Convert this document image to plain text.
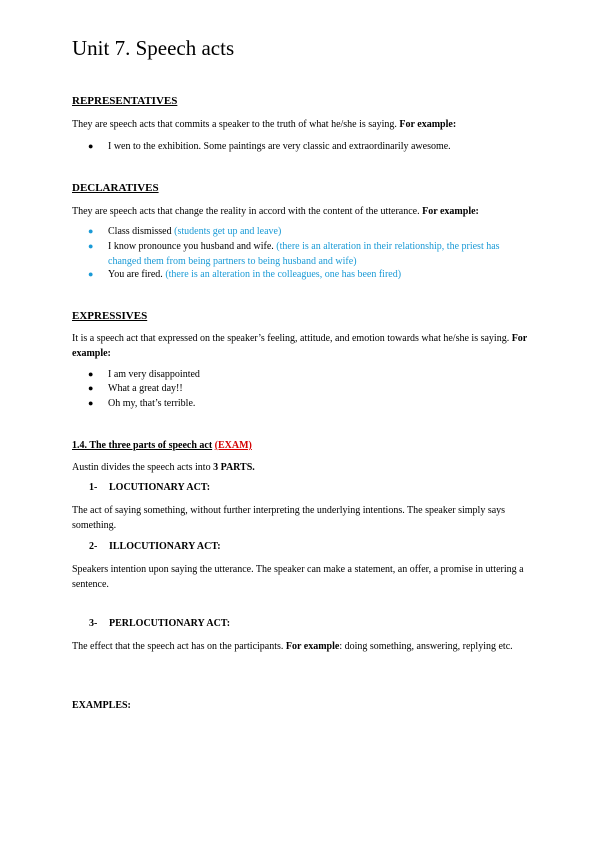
Unit 7. Speech acts
REPRESENTATIVES
They are speech acts that commits a speaker to the truth of what he/she is saying. For example:
● I wen to the exhibition. Some paintings are very classic and extraordinarily awesome.
DECLARATIVES
They are speech acts that change the reality in accord with the content of the utterance. For example:
● Class dismissed (students get up and leave)
● I know pronounce you husband and wife. (there is an alteration in their relationship, the priest has changed them from being partners to being husband and wife)
● You are fired. (there is an alteration in the colleagues, one has been fired)
EXPRESSIVES
It is a speech act that expressed on the speaker’s feeling, attitude, and emotion towards what he/she is saying. For example:
● I am very disappointed
● What a great day!!
● Oh my, that’s terrible.
1.4. The three parts of speech act (EXAM)
Austin divides the speech acts into 3 PARTS.
1- LOCUTIONARY ACT:
The act of saying something, without further interpreting the underlying intentions. The speaker simply says something.
2- ILLOCUTIONARY ACT:
Speakers intention upon saying the utterance. The speaker can make a statement, an offer, a promise in uttering a sentence.
3- PERLOCUTIONARY ACT:
The effect that the speech act has on the participants. For example: doing something, answering, replying etc.
EXAMPLES:
